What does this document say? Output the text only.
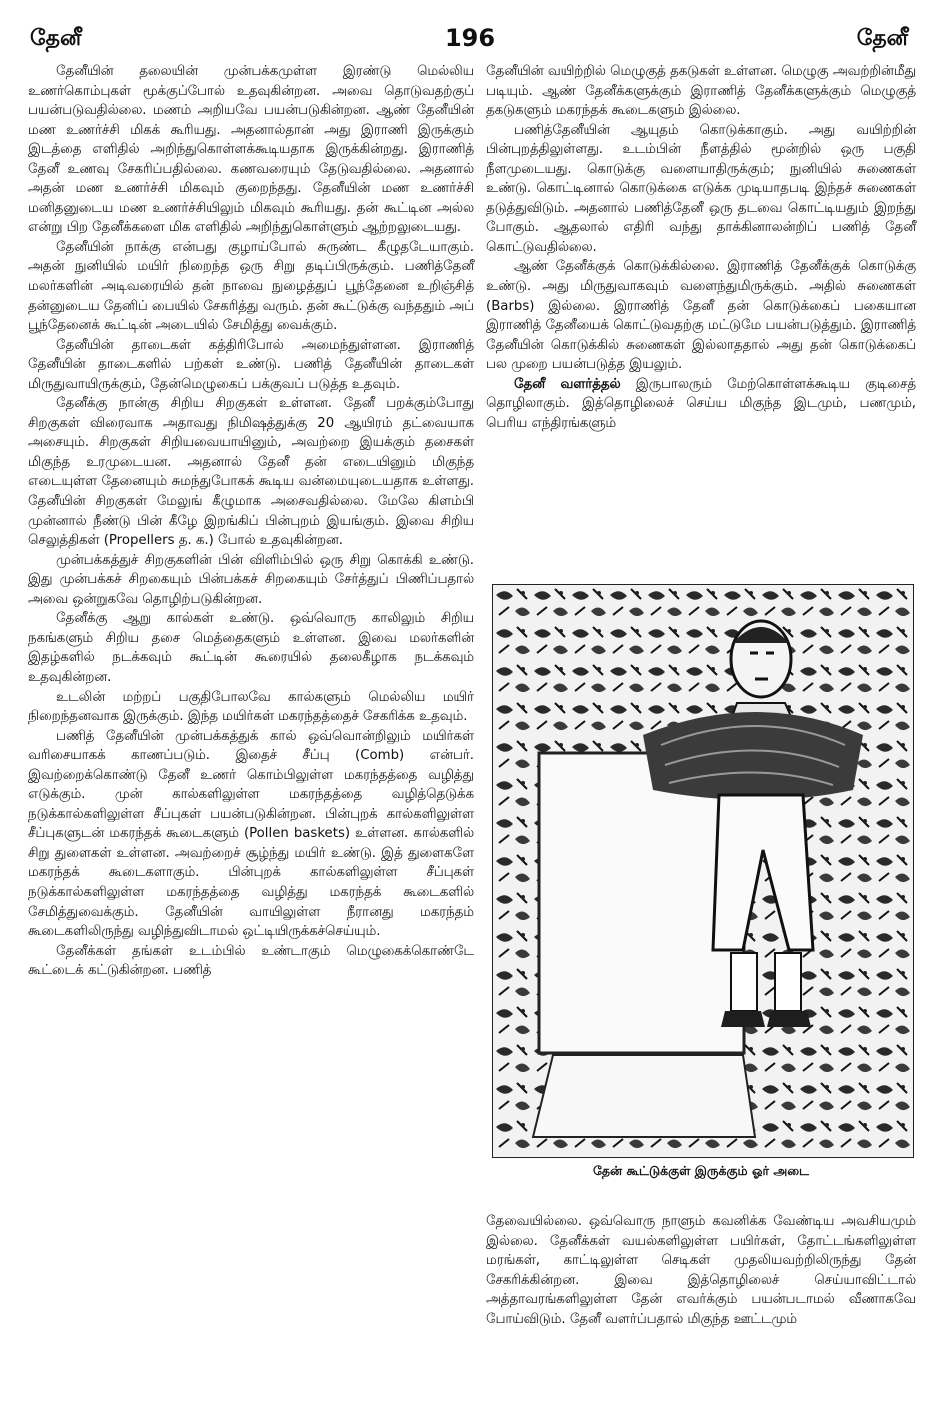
தேனீ	196	தேனீ

தேனீயின் தலையின் முன்பக்கமுள்ள இரண்டு மெல்லிய உணர்கொம்புகள் மூக்குப்போல் உதவுகின்றன. அவை தொடுவதற்குப் பயன்படுவதில்லை. மணம் அறியவே பயன்படுகின்றன. ஆண் தேனீயின் மண உணர்ச்சி மிகக் கூரியது. அதனால்தான் அது இராணி இருக்கும் இடத்தை எளிதில் அறிந்துகொள்ளக்கூடியதாக இருக்கின்றது. இராணித் தேனீ உணவு சேகரிப்பதில்லை. கணவரையும் தேடுவதில்லை. அதனால் அதன் மண உணர்ச்சி மிகவும் குறைந்தது. தேனீயின் மண உணர்ச்சி மனிதனுடைய மண உணர்ச்சியிலும் மிகவும் கூரியது. தன் கூட்டின அல்ல என்று பிற தேனீக்களை மிக எளிதில் அறிந்துகொள்ளும் ஆற்றலுடையது.

தேனீயின் நாக்கு என்பது குழாய்போல் சுருண்ட கீழுதடேயாகும். அதன் நுனியில் மயிர் நிறைந்த ஒரு சிறு தடிப்பிருக்கும். பணித்தேனீ மலர்களின் அடிவரையில் தன் நாவை நுழைத்துப் பூந்தேனை உறிஞ்சித் தன்னுடைய தேனிப் பையில் சேகரித்து வரும். தன் கூட்டுக்கு வந்ததும் அப் பூந்தேனைக் கூட்டின் அடையில் சேமித்து வைக்கும்.

தேனீயின் தாடைகள் கத்திரிபோல் அமைந்துள்ளன. இராணித் தேனீயின் தாடைகளில் பற்கள் உண்டு. பணித் தேனீயின் தாடைகள் மிருதுவாயிருக்கும், தேன்மெழுகைப் பக்குவப் படுத்த உதவும்.

தேனீக்கு நான்கு சிறிய சிறகுகள் உள்ளன. தேனீ பறக்கும்போது சிறகுகள் விரைவாக அதாவது நிமிஷத்துக்கு 20 ஆயிரம் தட்வையாக அசையும். சிறகுகள் சிறியவையாயினும், அவற்றை இயக்கும் தசைகள் மிகுந்த உரமுடையன. அதனால் தேனீ தன் எடையினும் மிகுந்த எடையுள்ள தேனையும் சுமந்துபோகக் கூடிய வன்மையுடையதாக உள்ளது. தேனீயின் சிறகுகள் மேலுங் கீழுமாக அசைவதில்லை. மேலே கிளம்பி முன்னால் நீண்டு பின் கீழே இறங்கிப் பின்புறம் இயங்கும். இவை சிறிய செலுத்திகள் (Propellers த. க.) போல் உதவுகின்றன.

முன்பக்கத்துச் சிறகுகளின் பின் விளிம்பில் ஒரு சிறு கொக்கி உண்டு. இது முன்பக்கச் சிறகையும் பின்பக்கச் சிறகையும் சேர்த்துப் பிணிப்பதால் அவை ஒன்றுகவே தொழிற்படுகின்றன.

தேனீக்கு ஆறு கால்கள் உண்டு. ஒவ்வொரு காலிலும் சிறிய நகங்களும் சிறிய தசை மெத்தைகளும் உள்ளன. இவை மலர்களின் இதழ்களில் நடக்கவும் கூட்டின் கூரையில் தலைகீழாக நடக்கவும் உதவுகின்றன.

உடலின் மற்றப் பகுதிபோலவே கால்களும் மெல்லிய மயிர் நிறைந்தனவாக இருக்கும். இந்த மயிர்கள் மகரந்தத்தைச் சேகரிக்க உதவும்.

பணித் தேனீயின் முன்பக்கத்துக் கால் ஒவ்வொன்றிலும் மயிர்கள் வரிசையாகக் காணப்படும். இதைச் சீப்பு (Comb) என்பர். இவற்றைக்கொண்டு தேனீ உணர் கொம்பிலுள்ள மகரந்தத்தை வழித்து எடுக்கும். முன் கால்களிலுள்ள மகரந்தத்தை வழித்தெடுக்க நடுக்கால்களிலுள்ள சீப்புகள் பயன்படுகின்றன. பின்புறக் கால்களிலுள்ள சீப்புகளுடன் மகரந்தக் கூடைகளும் (Pollen baskets) உள்ளன. கால்களில் சிறு துளைகள் உள்ளன. அவற்றைச் சூழ்ந்து மயிர் உண்டு. இத் துளைகளே மகரந்தக் கூடைகளாகும். பின்புறக் கால்களிலுள்ள சீப்புகள் நடுக்கால்களிலுள்ள மகரந்தத்தை வழித்து மகரந்தக் கூடைகளில் சேமித்துவைக்கும். தேனீயின் வாயிலுள்ள நீரானது மகரந்தம் கூடைகளிலிருந்து வழிந்துவிடாமல் ஒட்டியிருக்கச்செய்யும்.

தேனீக்கள் தங்கள் உடம்பில் உண்டாகும் மெழுகைக்கொண்டே கூட்டைக் கட்டுகின்றன. பணித்

தேனீயின் வயிற்றில் மெழுகுத் தகடுகள் உள்ளன. மெழுகு அவற்றின்மீது படியும். ஆண் தேனீக்களுக்கும் இராணித் தேனீக்களுக்கும் மெழுகுத் தகடுகளும் மகரந்தக் கூடைகளும் இல்லை.

பணித்தேனீயின் ஆயுதம் கொடுக்காகும். அது வயிற்றின் பின்புறத்திலுள்ளது. உடம்பின் நீளத்தில் மூன்றில் ஒரு பகுதி நீளமுடையது. கொடுக்கு வளையாதிருக்கும்; நுனியில் சுணைகள் உண்டு. கொட்டினால் கொடுக்கை எடுக்க முடியாதபடி இந்தச் சுணைகள் தடுத்துவிடும். அதனால் பணித்தேனீ ஒரு தடவை கொட்டியதும் இறந்து போகும். ஆதலால் எதிரி வந்து தாக்கினாலன்றிப் பணித் தேனீ கொட்டுவதில்லை.

ஆண் தேனீக்குக் கொடுக்கில்லை. இராணித் தேனீக்குக் கொடுக்கு உண்டு. அது மிருதுவாகவும் வளைந்துமிருக்கும். அதில் சுணைகள் (Barbs) இல்லை. இராணித் தேனீ தன் கொடுக்கைப் பகையான இராணித் தேனீயைக் கொட்டுவதற்கு மட்டுமே பயன்படுத்தும். இராணித் தேனீயின் கொடுக்கில் சுணைகள் இல்லாததால் அது தன் கொடுக்கைப் பல முறை பயன்படுத்த இயலும்.

தேனீ வளர்த்தல் இருபாலரும் மேற்கொள்ளக்கூடிய குடிசைத் தொழிலாகும். இத்தொழிலைச் செய்ய மிகுந்த இடமும், பணமும், பெரிய எந்திரங்களும்

தேன் கூட்டுக்குள் இருக்கும் ஓர் அடை

தேவையில்லை. ஒவ்வொரு நாளும் கவனிக்க வேண்டிய அவசியமும் இல்லை. தேனீக்கள் வயல்களிலுள்ள பயிர்கள், தோட்டங்களிலுள்ள மரங்கள், காட்டிலுள்ள செடிகள் முதலியவற்றிலிருந்து தேன் சேகரிக்கின்றன. இவை இத்தொழிலைச் செய்யாவிட்டால் அத்தாவரங்களிலுள்ள தேன் எவர்க்கும் பயன்படாமல் வீணாகவே போய்விடும். தேனீ வளர்ப்பதால் மிகுந்த ஊட்டமும்
